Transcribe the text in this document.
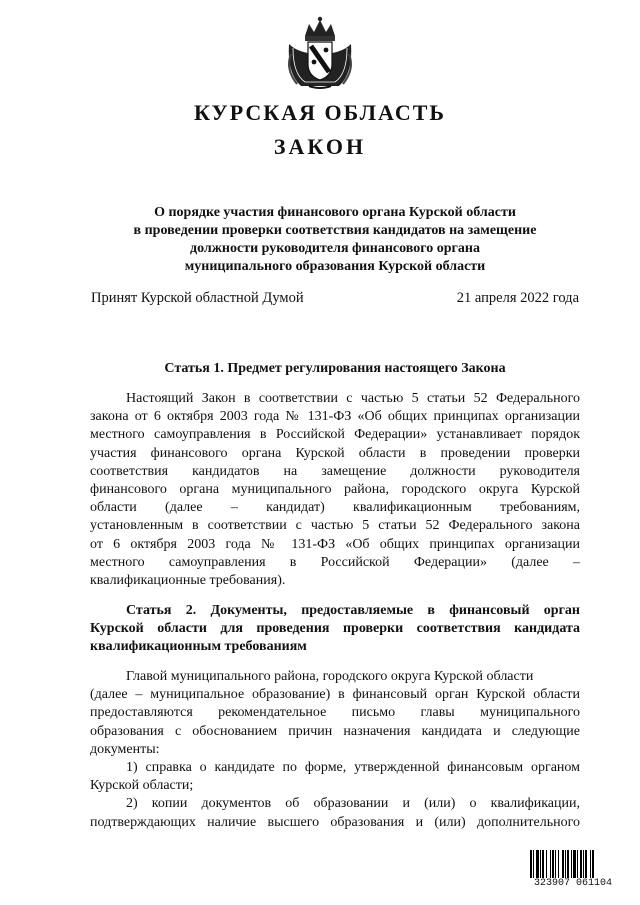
КУРСКАЯ ОБЛАСТЬ
ЗАКОН
О порядке участия финансового органа Курской области
в проведении проверки соответствия кандидатов на замещение
должности руководителя финансового органа
муниципального образования Курской области
Принят Курской областной Думой	21 апреля 2022 года
Статья 1. Предмет регулирования настоящего Закона
Настоящий Закон в соответствии с частью 5 статьи 52 Федерального
закона от 6 октября 2003 года № 131-ФЗ «Об общих принципах организации
местного самоуправления в Российской Федерации» устанавливает порядок
участия финансового органа Курской области в проведении проверки
соответствия кандидатов на замещение должности руководителя
финансового органа муниципального района, городского округа Курской
области (далее – кандидат) квалификационным требованиям,
установленным в соответствии с частью 5 статьи 52 Федерального закона
от 6 октября 2003 года № 131-ФЗ «Об общих принципах организации
местного самоуправления в Российской Федерации» (далее –
квалификационные требования).
Статья 2. Документы, предоставляемые в финансовый орган
Курской области для проведения проверки соответствия кандидата
квалификационным требованиям
Главой муниципального района, городского округа Курской области
(далее – муниципальное образование) в финансовый орган Курской области
предоставляются рекомендательное письмо главы муниципального
образования с обоснованием причин назначения кандидата и следующие
документы:
1) справка о кандидате по форме, утвержденной финансовым органом
Курской области;
2) копии документов об образовании и (или) о квалификации,
подтверждающих наличие высшего образования и (или) дополнительного
323907 061104
